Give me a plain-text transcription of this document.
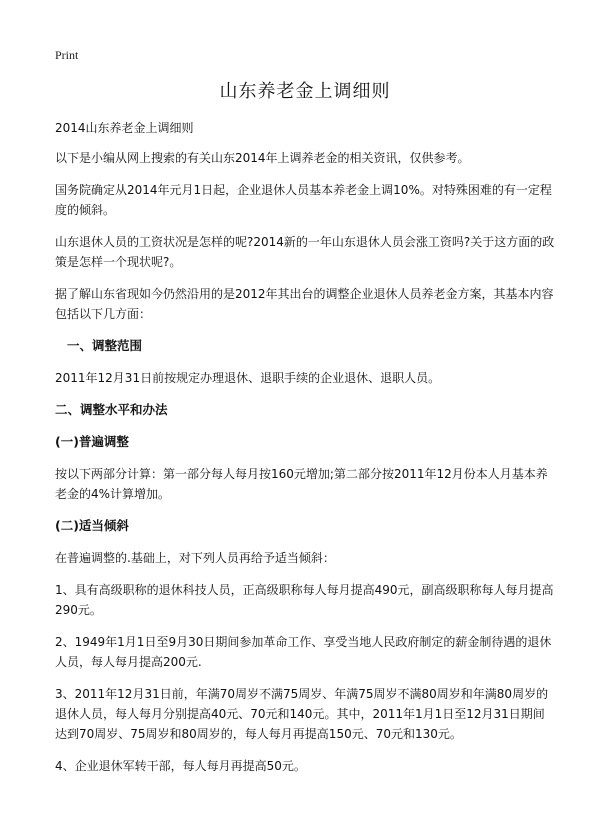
Print
山东养老金上调细则
2014山东养老金上调细则
以下是小编从网上搜索的有关山东2014年上调养老金的相关资讯，仅供参考。
国务院确定从2014年元月1日起，企业退休人员基本养老金上调10%。对特殊困难的有一定程度的倾斜。
山东退休人员的工资状况是怎样的呢?2014新的一年山东退休人员会涨工资吗?关于这方面的政策是怎样一个现状呢?。
据了解山东省现如今仍然沿用的是2012年其出台的调整企业退休人员养老金方案，其基本内容包括以下几方面：
一、调整范围
2011年12月31日前按规定办理退休、退职手续的企业退休、退职人员。
二、调整水平和办法
(一)普遍调整
按以下两部分计算：第一部分每人每月按160元增加;第二部分按2011年12月份本人月基本养老金的4%计算增加。
(二)适当倾斜
在普遍调整的.基础上，对下列人员再给予适当倾斜：
1、具有高级职称的退休科技人员，正高级职称每人每月提高490元，副高级职称每人每月提高290元。
2、1949年1月1日至9月30日期间参加革命工作、享受当地人民政府制定的薪金制待遇的退休人员，每人每月提高200元.
3、2011年12月31日前，年满70周岁不满75周岁、年满75周岁不满80周岁和年满80周岁的退休人员，每人每月分别提高40元、70元和140元。其中，2011年1月1日至12月31日期间达到70周岁、75周岁和80周岁的，每人每月再提高150元、70元和130元。
4、企业退休军转干部，每人每月再提高50元。
